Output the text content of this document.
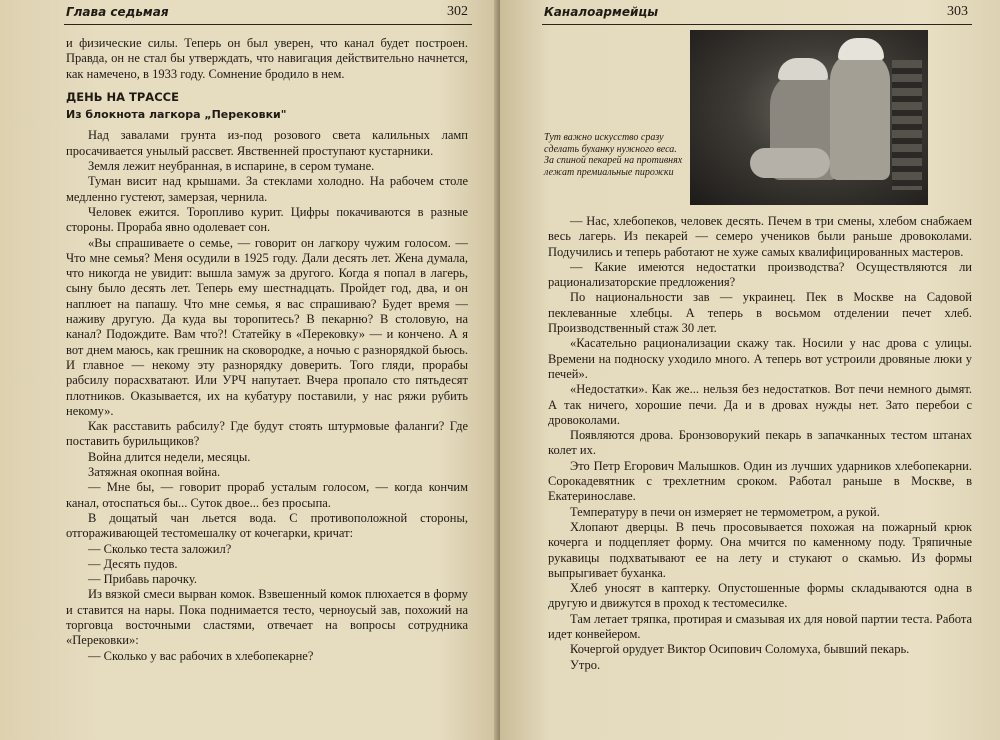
Глава седьмая	302

и физические силы. Теперь он был уверен, что канал будет построен. Правда, он не стал бы утверждать, что навигация действительно начнется, как намечено, в 1933 году. Сомнение бродило в нем.

ДЕНЬ НА ТРАССЕ

Из блокнота лагкора „Перековки"

Над завалами грунта из-под розового света калильных ламп просачивается унылый рассвет. Явственней проступают кустарники.

Земля лежит неубранная, в испарине, в сером тумане.

Туман висит над крышами. За стеклами холодно. На рабочем столе медленно густеют, замерзая, чернила.

Человек ежится. Торопливо курит. Цифры покачиваются в разные стороны. Прораба явно одолевает сон.

«Вы спрашиваете о семье, — говорит он лагкору чужим голосом. — Что мне семья? Меня осудили в 1925 году. Дали десять лет. Жена думала, что никогда не увидит: вышла замуж за другого. Когда я попал в лагерь, сыну было десять лет. Теперь ему шестнадцать. Пройдет год, два, и он наплюет на папашу. Что мне семья, я вас спрашиваю? Будет время — наживу другую. Да куда вы торопитесь? В пекарню? В столовую, на канал? Подождите. Вам что?! Статейку в «Перековку» — и кончено. А я вот днем маюсь, как грешник на сковородке, а ночью с разнорядкой бьюсь. И главное — некому эту разнорядку доверить. Того гляди, прорабы рабсилу порасхватают. Или УРЧ напутает. Вчера пропало сто пятьдесят плотников. Оказывается, их на кубатуру поставили, у нас ряжи рубить некому».

Как расставить рабсилу? Где будут стоять штурмовые фаланги? Где поставить бурильщиков?

Война длится недели, месяцы.

Затяжная окопная война.

— Мне бы, — говорит прораб усталым голосом, — когда кончим канал, отоспаться бы... Суток двое... без просыпа.

В дощатый чан льется вода. С противоположной стороны, отгораживающей тестомешалку от кочегарки, кричат:

— Сколько теста заложил?

— Десять пудов.

— Прибавь парочку.

Из вязкой смеси вырван комок. Взвешенный комок плюхается в форму и ставится на нары. Пока поднимается тесто, черноусый зав, похожий на торговца восточными сластями, отвечает на вопросы сотрудника «Перековки»:

— Сколько у вас рабочих в хлебопекарне?

Каналоармейцы	303
Тут важно искусство сразу сделать буханку нужного веса. За спиной пекарей на противнях лежат премиальные пирожки

— Нас, хлебопеков, человек десять. Печем в три смены, хлебом снабжаем весь лагерь. Из пекарей — семеро учеников были раньше дровоколами. Подучились и теперь работают не хуже самых квалифицированных мастеров.

— Какие имеются недостатки производства? Осуществляются ли рационализаторские предложения?

По национальности зав — украинец. Пек в Москве на Садовой пеклеванные хлебцы. А теперь в восьмом отделении печет хлеб. Производственный стаж 30 лет.

«Касательно рационализации скажу так. Носили у нас дрова с улицы. Времени на подноску уходило много. А теперь вот устроили дровяные люки у печей».

«Недостатки». Как же... нельзя без недостатков. Вот печи немного дымят. А так ничего, хорошие печи. Да и в дровах нужды нет. Зато перебои с дровоколами.

Появляются дрова. Бронзоворукий пекарь в запачканных тестом штанах колет их.

Это Петр Егорович Малышков. Один из лучших ударников хлебопекарни. Сорокадевятник с трехлетним сроком. Работал раньше в Москве, в Екатеринославе.

Температуру в печи он измеряет не термометром, а рукой.

Хлопают дверцы. В печь просовывается похожая на пожарный крюк кочерга и подцепляет форму. Она мчится по каменному поду. Тряпичные рукавицы подхватывают ее на лету и стукают о скамью. Из формы выпрыгивает буханка.

Хлеб уносят в каптерку. Опустошенные формы складываются одна в другую и движутся в проход к тестомесилке.

Там летает тряпка, протирая и смазывая их для новой партии теста. Работа идет конвейером.

Кочергой орудует Виктор Осипович Соломуха, бывший пекарь.

Утро.
